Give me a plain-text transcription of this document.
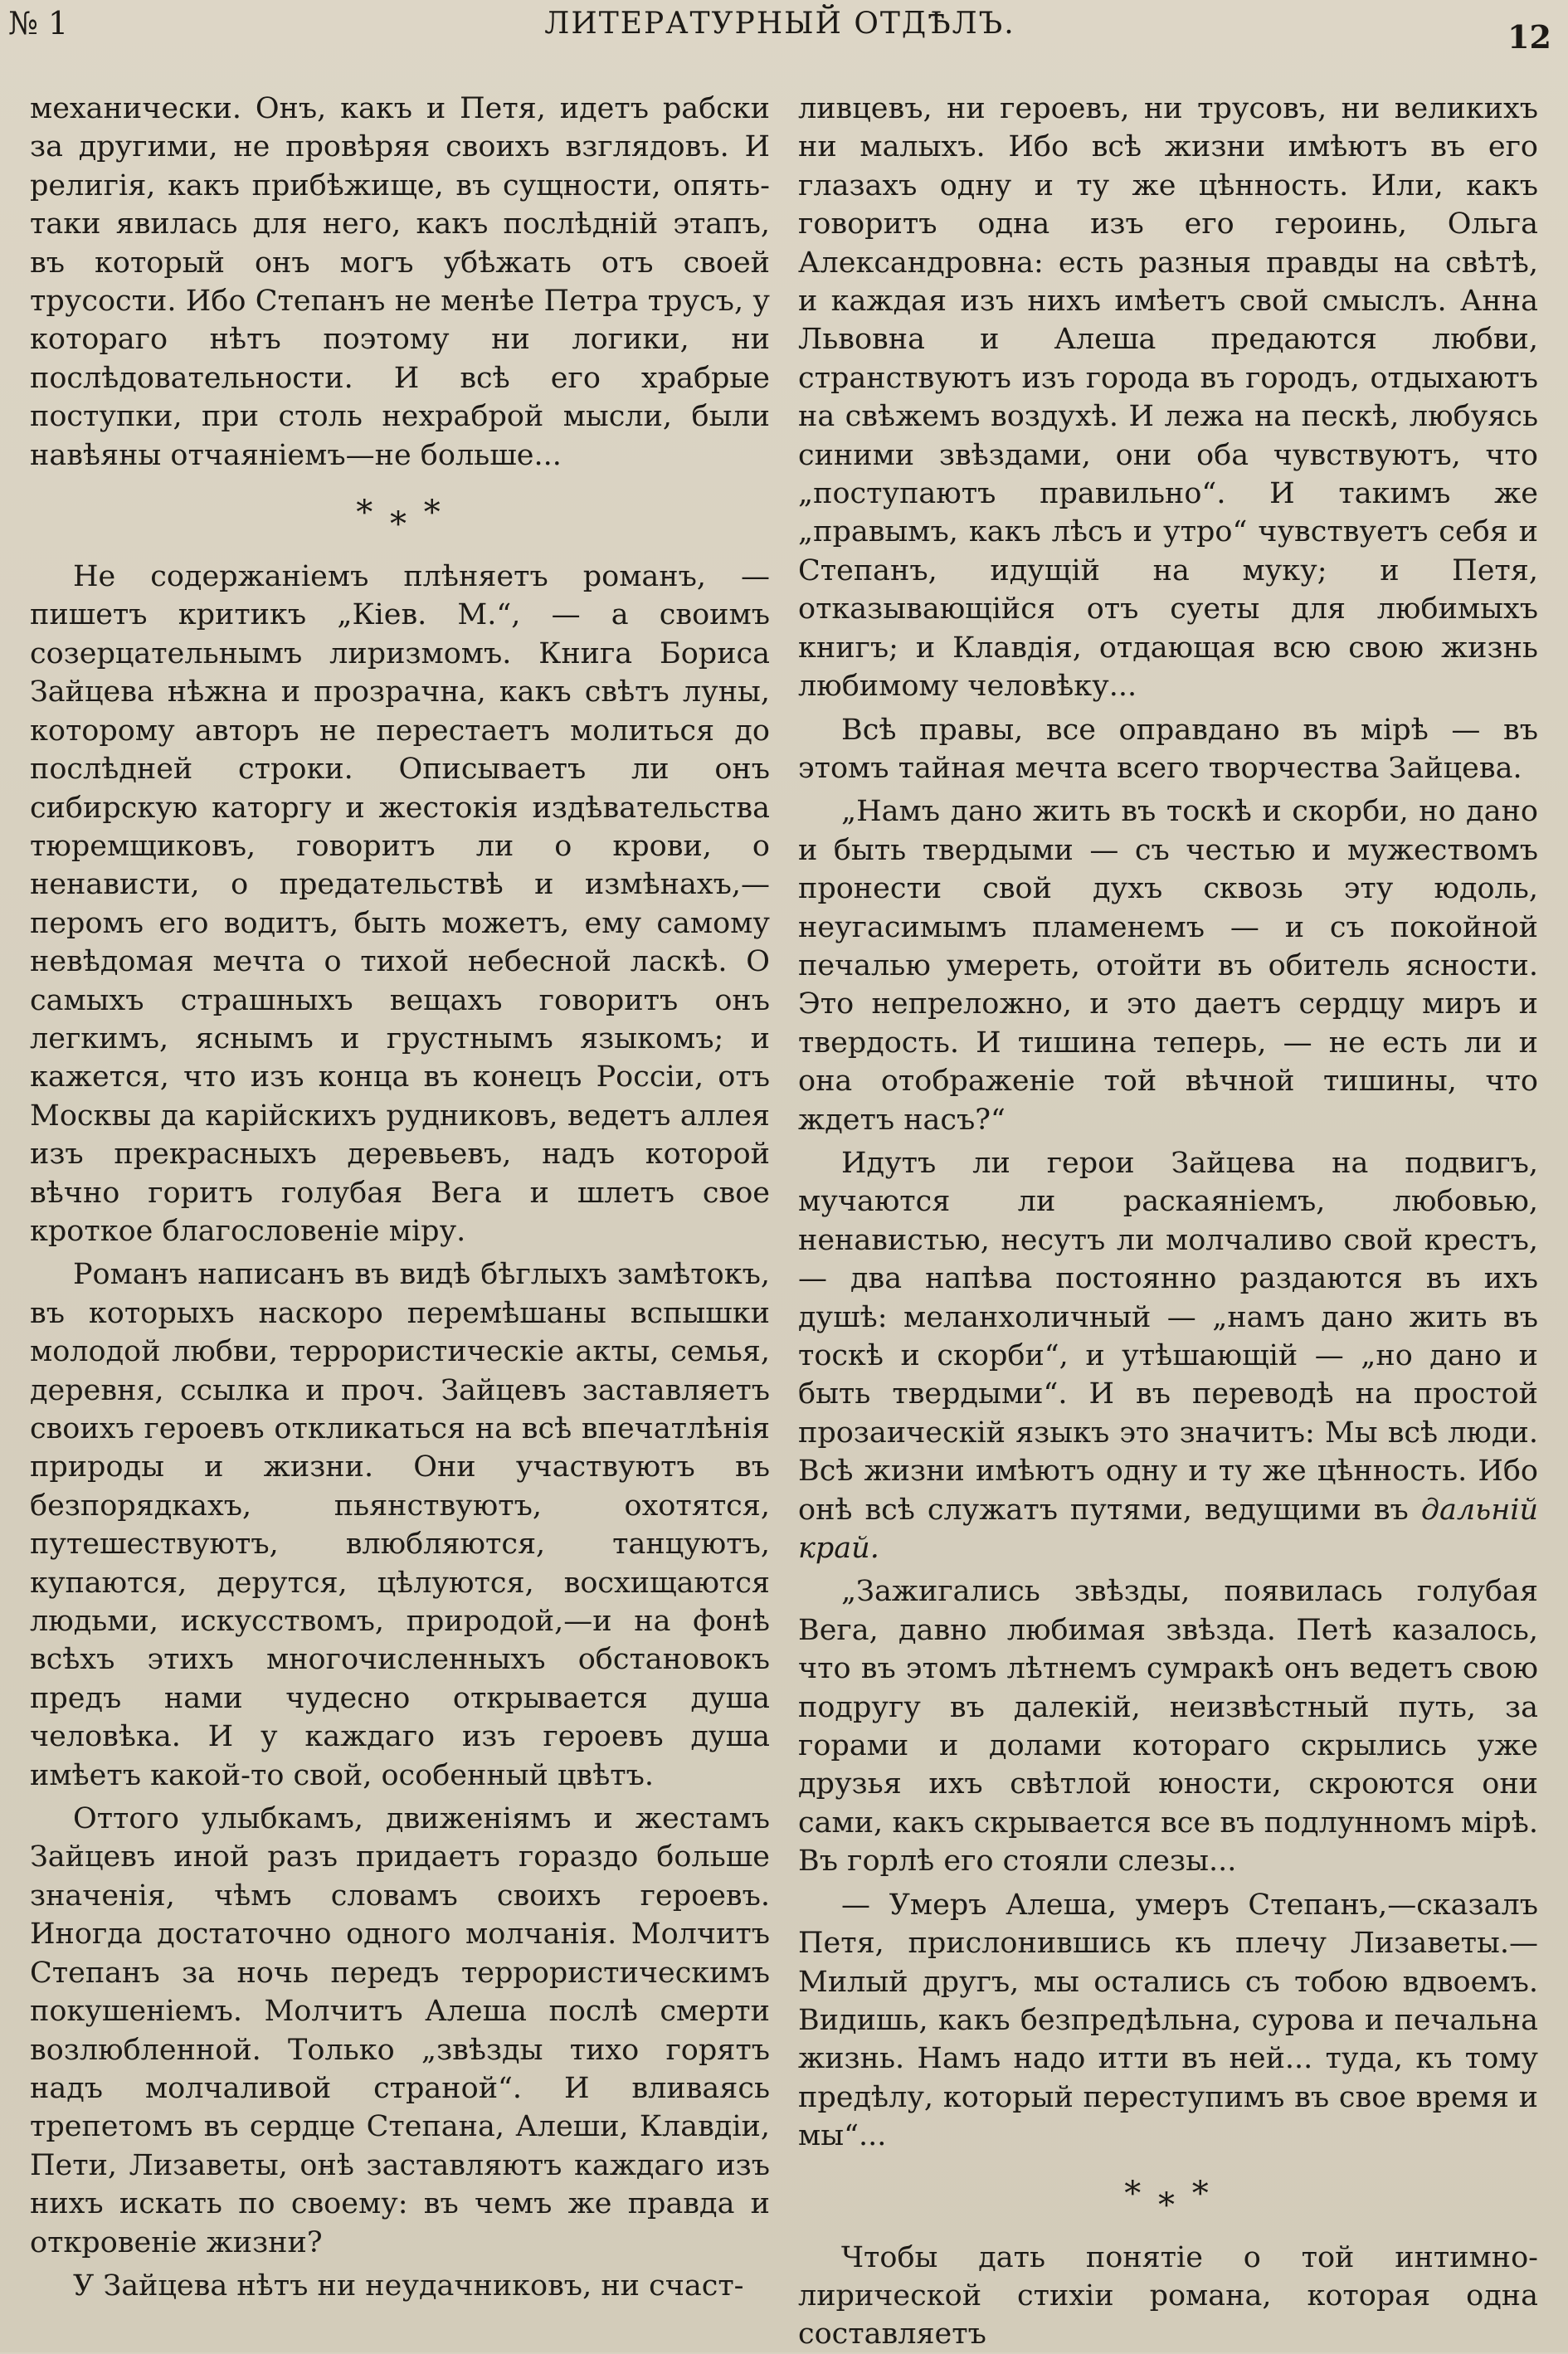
№ 1	ЛИТЕРАТУРНЫЙ ОТДѢЛЪ.	12

механически. Онъ, какъ и Петя, идетъ рабски за другими, не провѣряя своихъ взглядовъ. И религія, какъ прибѣжище, въ сущности, опять-таки явилась для него, какъ послѣдній этапъ, въ который онъ могъ убѣжать отъ своей трусости. Ибо Степанъ не менѣе Петра трусъ, у котораго нѣтъ поэтому ни логики, ни послѣдовательности. И всѣ его храбрые поступки, при столь нехраброй мысли, были навѣяны отчаяніемъ—не больше...

* * *

Не содержаніемъ плѣняетъ романъ, — пишетъ критикъ „Кіев. М.“, — а своимъ созерцательнымъ лиризмомъ. Книга Бориса Зайцева нѣжна и прозрачна, какъ свѣтъ луны, которому авторъ не перестаетъ молиться до послѣдней строки. Описываетъ ли онъ сибирскую каторгу и жестокія издѣвательства тюремщиковъ, говоритъ ли о крови, о ненависти, о предательствѣ и измѣнахъ,—перомъ его водитъ, быть можетъ, ему самому невѣдомая мечта о тихой небесной ласкѣ. О самыхъ страшныхъ вещахъ говоритъ онъ легкимъ, яснымъ и грустнымъ языкомъ; и кажется, что изъ конца въ конецъ Россіи, отъ Москвы да карійскихъ рудниковъ, ведетъ аллея изъ прекрасныхъ деревьевъ, надъ которой вѣчно горитъ голубая Вега и шлетъ свое кроткое благословеніе міру.

Романъ написанъ въ видѣ бѣглыхъ замѣтокъ, въ которыхъ наскоро перемѣшаны вспышки молодой любви, террористическіе акты, семья, деревня, ссылка и проч. Зайцевъ заставляетъ своихъ героевъ откликаться на всѣ впечатлѣнія природы и жизни. Они участвуютъ въ безпорядкахъ, пьянствуютъ, охотятся, путешествуютъ, влюбляются, танцуютъ, купаются, дерутся, цѣлуются, восхищаются людьми, искусствомъ, природой,—и на фонѣ всѣхъ этихъ многочисленныхъ обстановокъ предъ нами чудесно открывается душа человѣка. И у каждаго изъ героевъ душа имѣетъ какой-то свой, особенный цвѣтъ.

Оттого улыбкамъ, движеніямъ и жестамъ Зайцевъ иной разъ придаетъ гораздо больше значенія, чѣмъ словамъ своихъ героевъ. Иногда достаточно одного молчанія. Молчитъ Степанъ за ночь передъ террористическимъ покушеніемъ. Молчитъ Алеша послѣ смерти возлюбленной. Только „звѣзды тихо горятъ надъ молчаливой страной“. И вливаясь трепетомъ въ сердце Степана, Алеши, Клавдіи, Пети, Лизаветы, онѣ заставляютъ каждаго изъ нихъ искать по своему: въ чемъ же правда и откровеніе жизни?

У Зайцева нѣтъ ни неудачниковъ, ни счаст-

ливцевъ, ни героевъ, ни трусовъ, ни великихъ ни малыхъ. Ибо всѣ жизни имѣютъ въ его глазахъ одну и ту же цѣнность. Или, какъ говоритъ одна изъ его героинь, Ольга Александровна: есть разныя правды на свѣтѣ, и каждая изъ нихъ имѣетъ свой смыслъ. Анна Львовна и Алеша предаются любви, странствуютъ изъ города въ городъ, отдыхаютъ на свѣжемъ воздухѣ. И лежа на пескѣ, любуясь синими звѣздами, они оба чувствуютъ, что „поступаютъ правильно“. И такимъ же „правымъ, какъ лѣсъ и утро“ чувствуетъ себя и Степанъ, идущій на муку; и Петя, отказывающійся отъ суеты для любимыхъ книгъ; и Клавдія, отдающая всю свою жизнь любимому человѣку...

Всѣ правы, все оправдано въ мірѣ — въ этомъ тайная мечта всего творчества Зайцева.

„Намъ дано жить въ тоскѣ и скорби, но дано и быть твердыми — съ честью и мужествомъ пронести свой духъ сквозь эту юдоль, неугасимымъ пламенемъ — и съ покойной печалью умереть, отойти въ обитель ясности. Это непреложно, и это даетъ сердцу миръ и твердость. И тишина теперь, — не есть ли и она отображеніе той вѣчной тишины, что ждетъ насъ?“

Идутъ ли герои Зайцева на подвигъ, мучаются ли раскаяніемъ, любовью, ненавистью, несутъ ли молчаливо свой крестъ, — два напѣва постоянно раздаются въ ихъ душѣ: меланхоличный — „намъ дано жить въ тоскѣ и скорби“, и утѣшающій — „но дано и быть твердыми“. И въ переводѣ на простой прозаическій языкъ это значитъ: Мы всѣ люди. Всѣ жизни имѣютъ одну и ту же цѣнность. Ибо онѣ всѣ служатъ путями, ведущими въ дальній край.

„Зажигались звѣзды, появилась голубая Вега, давно любимая звѣзда. Петѣ казалось, что въ этомъ лѣтнемъ сумракѣ онъ ведетъ свою подругу въ далекій, неизвѣстный путь, за горами и долами котораго скрылись уже друзья ихъ свѣтлой юности, скроются они сами, какъ скрывается все въ подлунномъ мірѣ. Въ горлѣ его стояли слезы...

— Умеръ Алеша, умеръ Степанъ,—сказалъ Петя, прислонившись къ плечу Лизаветы.—Милый другъ, мы остались съ тобою вдвоемъ. Видишь, какъ безпредѣльна, сурова и печальна жизнь. Намъ надо итти въ ней... туда, къ тому предѣлу, который переступимъ въ свое время и мы“...

* * *

Чтобы дать понятіе о той интимно-лирической стихіи романа, которая одна составляетъ
